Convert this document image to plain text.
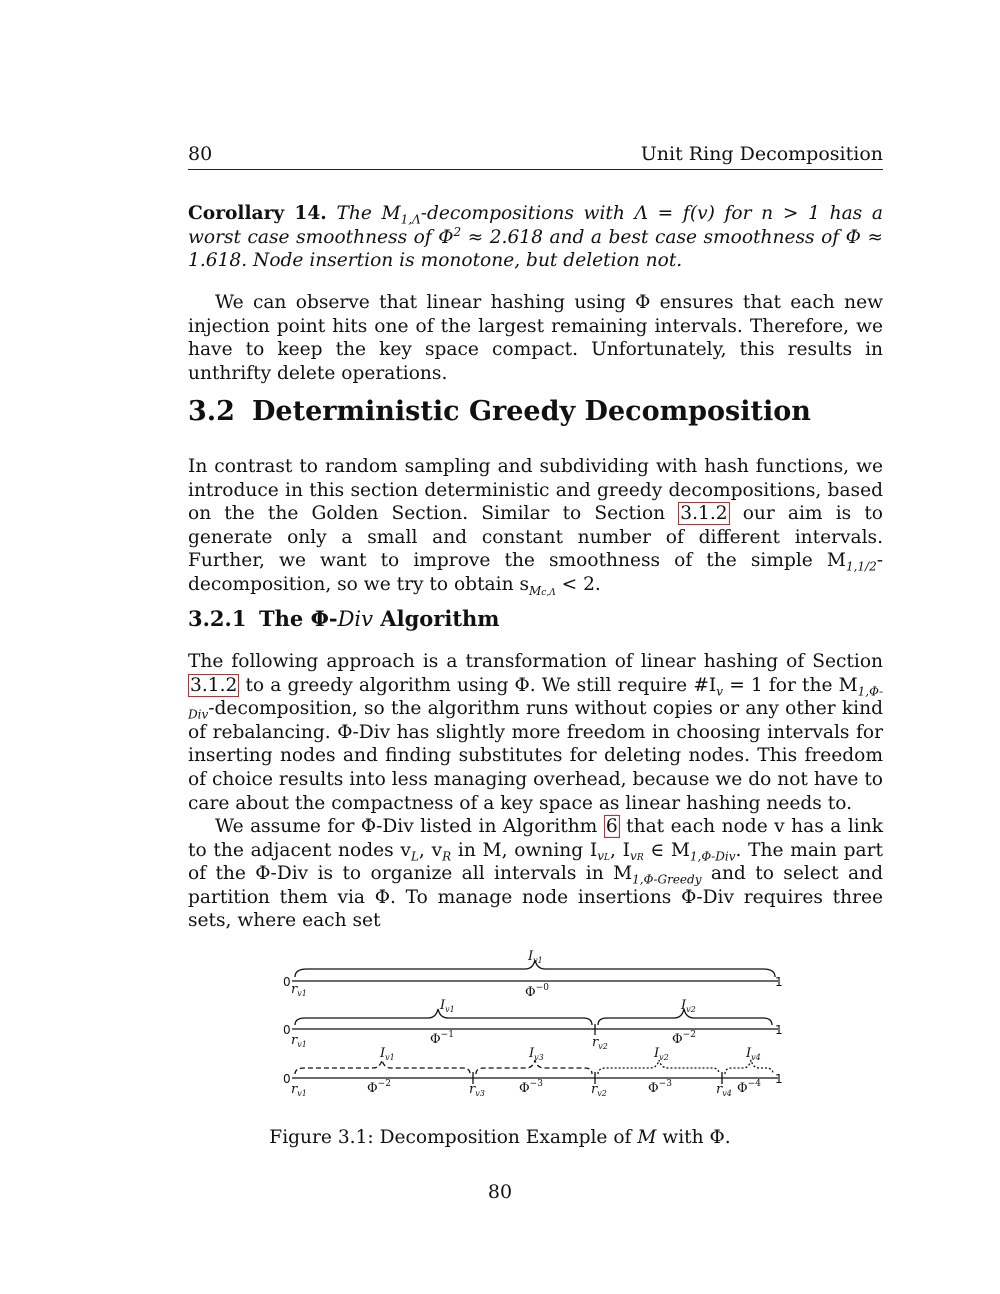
80	Unit Ring Decomposition

Corollary 14. The $M_{1,\Lambda}$-decompositions with Λ = f(v) for n > 1 has a worst case smoothness of $\Phi^2 \approx 2.618$ and a best case smoothness of Φ ≈ 1.618. Node insertion is monotone, but deletion not.

We can observe that linear hashing using Φ ensures that each new injection point hits one of the largest remaining intervals. Therefore, we have to keep the key space compact. Unfortunately, this results in unthrifty delete operations.

3.2 Deterministic Greedy Decomposition

In contrast to random sampling and subdividing with hash functions, we introduce in this section deterministic and greedy decompositions, based on the the Golden Section. Similar to Section 3.1.2 our aim is to generate only a small and constant number of different intervals. Further, we want to improve the smoothness of the simple $M_{1,1/2}$-decomposition, so we try to obtain $s_{Mc,\Lambda} < 2$.

3.2.1 The Φ-Div Algorithm

The following approach is a transformation of linear hashing of Section 3.1.2 to a greedy algorithm using Φ. We still require $\#I_v = 1$ for the $M_{1,\Phi-Div}$-decomposition, so the algorithm runs without copies or any other kind of rebalancing. Φ-Div has slightly more freedom in choosing intervals for inserting nodes and finding substitutes for deleting nodes. This freedom of choice results into less managing overhead, because we do not have to care about the compactness of a key space as linear hashing needs to.

We assume for Φ-Div listed in Algorithm 6 that each node v has a link to the adjacent nodes $v_L$, $v_R$ in M, owning $I_{vL}$, $I_{vR}$ ∈ $M_{1,\Phi-Div}$. The main part of the Φ-Div is to organize all intervals in $M_{1,\Phi-Greedy}$ and to select and partition them via Φ. To manage node insertions Φ-Div requires three sets, where each set

0	1
$I_{v1}$
$\Phi^{-0}$
$r_{v1}$
0	1
$I_{v1}$	$I_{v2}$
$\Phi^{-1}$	$\Phi^{-2}$
$r_{v1}$	$r_{v2}$
0	1
$I_{v1}$	$I_{v3}$	$I_{v2}$	$I_{v4}$
$\Phi^{-2}$	$\Phi^{-3}$	$\Phi^{-3}$	$\Phi^{-4}$
$r_{v1}$	$r_{v3}$	$r_{v2}$	$r_{v4}$
Figure 3.1: Decomposition Example of M with Φ.
80
